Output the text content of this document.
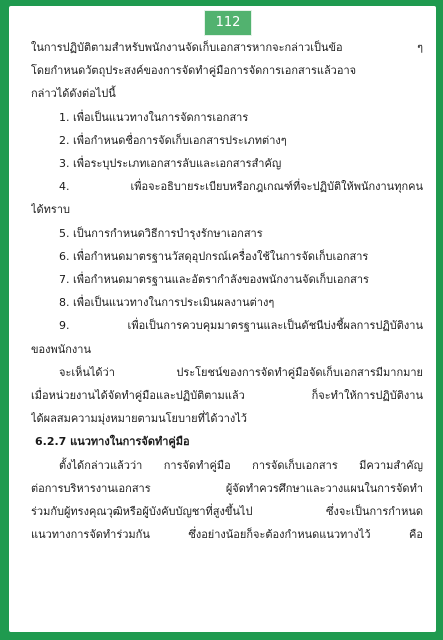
112
ในการปฏิบัติตามสำหรับพนักงานจัดเก็บเอกสารหากจะกล่าวเป็นข้อ ๆ
โดยกำหนดวัตถุประสงค์ของการจัดทำคู่มือการจัดการเอกสารแล้วอาจ
กล่าวได้ดังต่อไปนี้
1. เพื่อเป็นแนวทางในการจัดการเอกสาร
2. เพื่อกำหนดชื่อการจัดเก็บเอกสารประเภทต่างๆ
3. เพื่อระบุประเภทเอกสารลับและเอกสารสำคัญ
4. เพื่อจะอธิบายระเบียบหรือกฎเกณฑ์ที่จะปฏิบัติให้พนักงานทุกคน
ได้ทราบ
5. เป็นการกำหนดวิธีการบำรุงรักษาเอกสาร
6. เพื่อกำหนดมาตรฐานวัสดุอุปกรณ์เครื่องใช้ในการจัดเก็บเอกสาร
7. เพื่อกำหนดมาตรฐานและอัตรากำลังของพนักงานจัดเก็บเอกสาร
8. เพื่อเป็นแนวทางในการประเมินผลงานต่างๆ
9. เพื่อเป็นการควบคุมมาตรฐานและเป็นดัชนีบ่งชี้ผลการปฏิบัติงาน
ของพนักงาน
จะเห็นได้ว่า ประโยชน์ของการจัดทำคู่มือจัดเก็บเอกสารมีมากมาย
เมื่อหน่วยงานได้จัดทำคู่มือและปฏิบัติตามแล้ว ก็จะทำให้การปฏิบัติงาน
ได้ผลสมความมุ่งหมายตามนโยบายที่ได้วางไว้
6.2.7 แนวทางในการจัดทำคู่มือ
ตั้งได้กล่าวแล้วว่า การจัดทำคู่มือ การจัดเก็บเอกสาร มีความสำคัญ
ต่อการบริหารงานเอกสาร ผู้จัดทำควรศึกษาและวางแผนในการจัดทำ
ร่วมกับผู้ทรงคุณวุฒิหรือผู้บังคับบัญชาที่สูงขึ้นไป ซึ่งจะเป็นการกำหนด
แนวทางการจัดทำร่วมกัน ซึ่งอย่างน้อยก็จะต้องกำหนดแนวทางไว้ คือ
